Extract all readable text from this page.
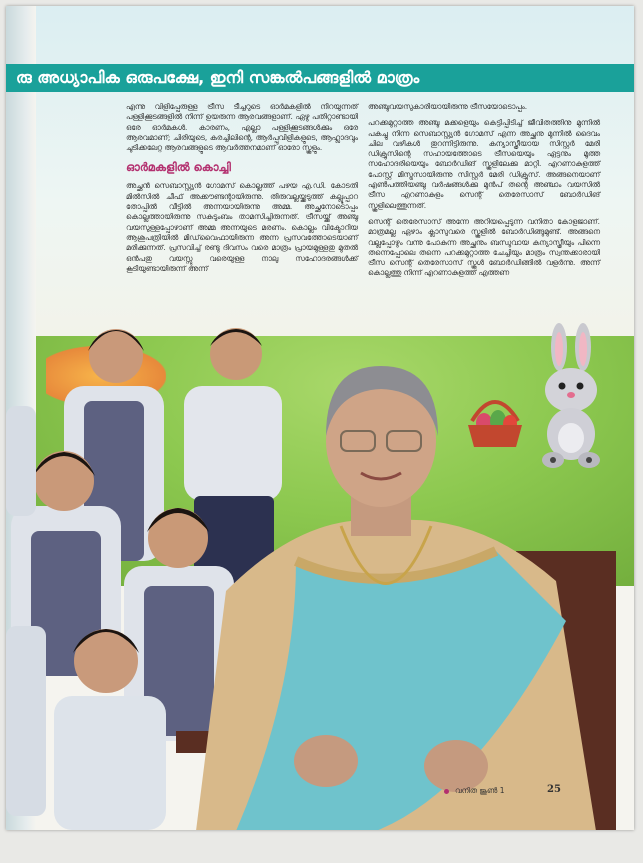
രു അധ്യാപിക ഒരുപക്ഷേ, ഇനി സങ്കൽപങ്ങളിൽ മാത്രം

എന്നു വിളിപ്പേരുള്ള ട്രീസ ടീച്ചറുടെ ഓർമകളിൽ നിറയുന്നത് പള്ളിക്കൂടങ്ങളിൽ നിന്ന് ഉയരുന്ന ആരവങ്ങളാണ്. ഏഴു പതിറ്റാണ്ടായി ഒരേ ഓർമകൾ. കാരണം, എല്ലാ പള്ളിക്കൂടങ്ങൾക്കും ഒരേ ആരവമാണ്; ചിരിയുടെ, കരച്ചിലിന്റെ, ആർപ്പുവിളികളുടെ, ആഹ്ലാദവും ചുടിക്കലേറ്റ ആരവങ്ങളുടെ ആവർത്തനമാണ് ഓരോ സ്കൂളും.

ഓർമകളിൽ കൊച്ചി

അച്ഛൻ സെബാസ്റ്റ്യൻ ഗോമസ് കൊല്ലത്ത് പഴയ എ.ഡി. കോടതി മിൽസിൽ ചീഫ് അക്കൗണ്ടന്റായിരുന്നു. തിരുവല്ലയ്ക്കടുത്ത് കല്ലൂപ്പാറ തോപ്പിൽ വീട്ടിൽ അന്നയായിരുന്നു അമ്മ. അച്ഛനോടൊപ്പം കൊല്ലത്തായിരുന്നു സകുടുംബം താമസിച്ചിരുന്നത്. ട്രീസയ്ക്ക് അഞ്ചു വയസുള്ളപ്പോഴാണ് അമ്മ അന്നയുടെ മരണം. കൊല്ലം വിക്ടോറിയ ആശുപത്രിയിൽ മിഡ്‌വൈഫായിരുന്ന അന്ന പ്രസവത്തോടെയാണ് മരിക്കുന്നത്. പ്രസവിച്ച് രണ്ടു ദിവസം വരെ മാത്രം പ്രായമുള്ളതു മുതൽ ഒൻപതു വയസ്സു വരെയുള്ള നാലു സഹോദരങ്ങൾക്ക് കൂടിയുണ്ടായിരുന്ന് അന്ന്

അഞ്ചുവയസുകാരിയായിരുന്നു ട്രീസയോടൊപ്പം.

പറക്കമുറ്റാത്ത അഞ്ചു മക്കളെയും കെട്ടിപ്പിടിച്ച് ജീവിതത്തിനു മുന്നിൽ പകച്ചു നിന്ന സെബാസ്റ്റ്യൻ ഗോമസ് എന്ന അച്ഛനു മുന്നിൽ ദൈവം ചില വഴികൾ തുറന്നിട്ടിരുന്നു. കന്യാസ്ത്രീയായ സിസ്റ്റർ മേരി ഡിക്രൂസിന്റെ സഹായത്തോടെ ട്രീസയെയും ഏട്ടനും മൂത്ത സഹോദരിയെയും ബോർഡിങ് സ്കൂളിലേക്കു മാറ്റി. എറണാകുളത്ത് പോസ്റ്റ് മിസ്ട്രസായിരുന്നു സിസ്റ്റർ മേരി ഡിക്രൂസ്. അങ്ങനെയാണ് എൺപത്തിയഞ്ചു വർഷങ്ങൾക്കു മുൻപ് തന്റെ അഞ്ചാം വയസിൽ ട്രീസ എറണാകുളം സെന്റ് തെരേസാസ് ബോർഡിങ് സ്കൂളിലെത്തുന്നത്.

സെന്റ് തെരേസാസ് അന്നേ അറിയപ്പെടുന്ന വനിതാ കോളജാണ്. മാത്രമല്ല ഏഴാം ക്ലാസുവരെ സ്കൂളിൽ ബോർഡിങ്ങുമുണ്ട്. അങ്ങനെ വല്ലപ്പോഴും വന്നു പോകുന്ന അച്ഛനും ബന്ധുവായ കന്യാസ്ത്രീയും പിന്നെ തന്നെപ്പോലെ തന്നെ പറക്കമുറ്റാത്ത ചേച്ചിയും മാത്രം സ്വന്തക്കാരായി ട്രീസ സെന്റ് തെരേസാസ് സ്കൂൾ ബോർഡിങ്ങിൽ വളർന്നു. അന്ന് കൊല്ലത്തു നിന്ന് എറണാകുളത്ത് എത്തണ

വനിത ജൂൺ 1	25
